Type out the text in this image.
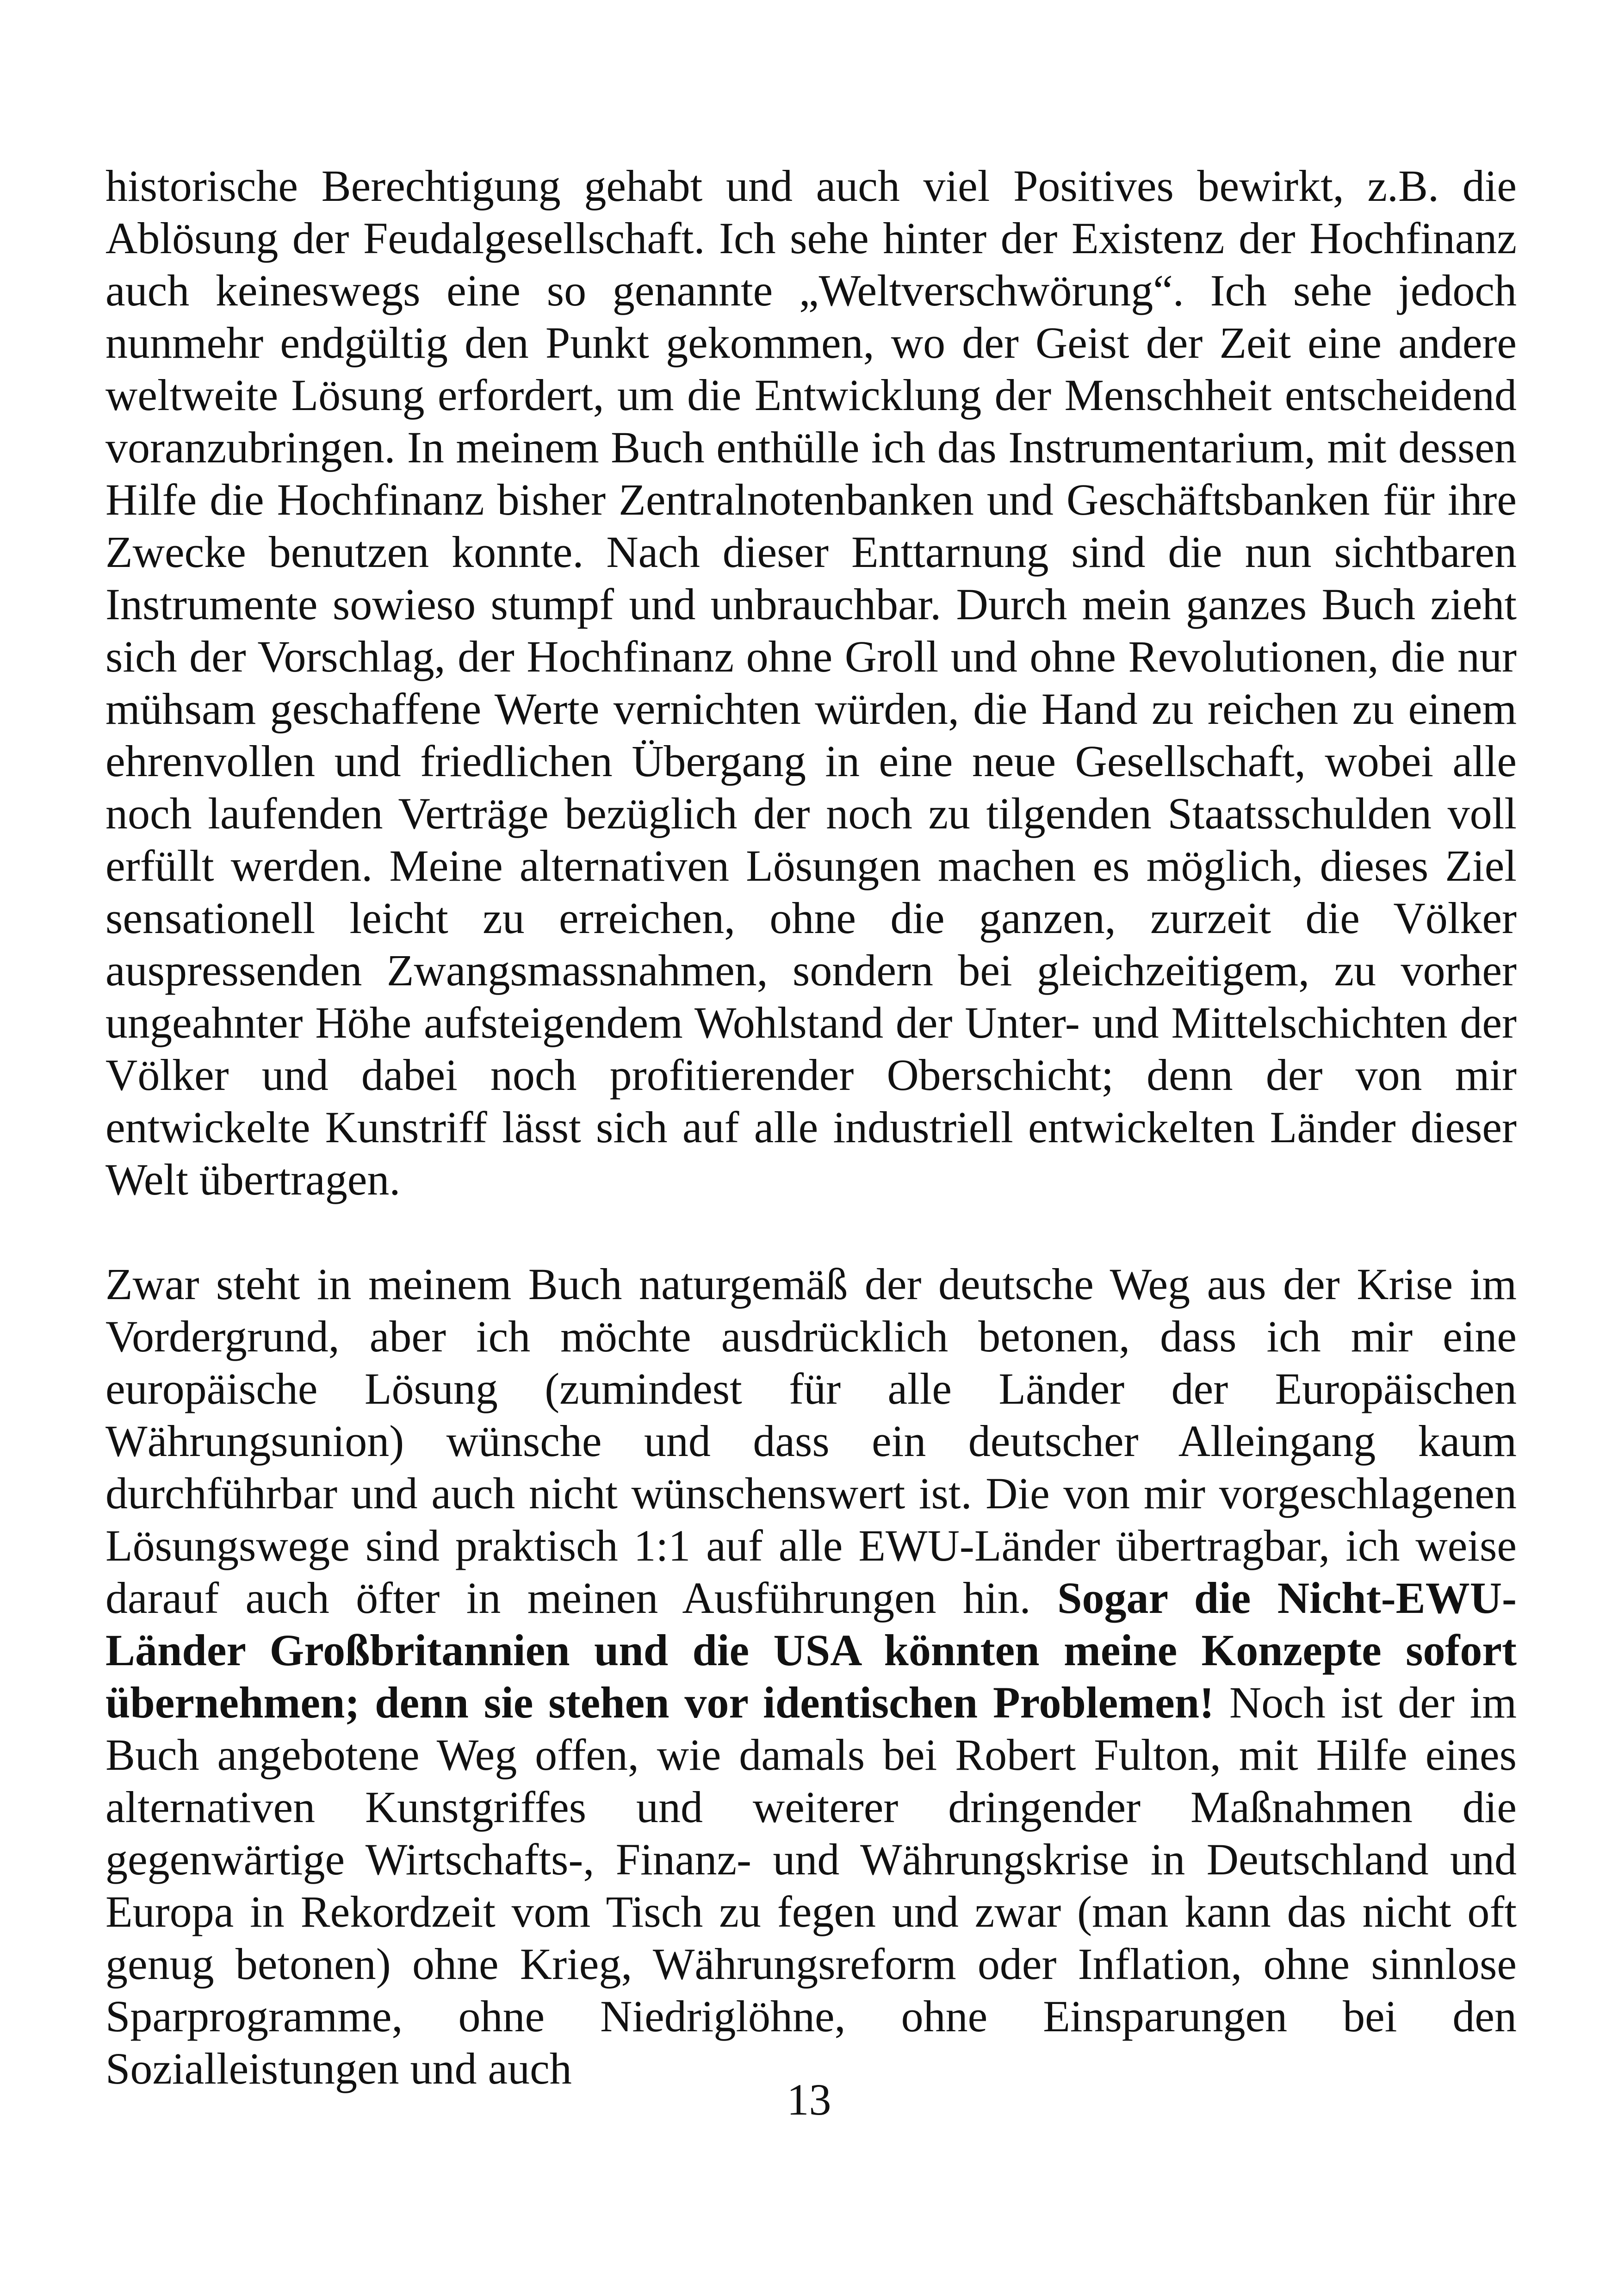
historische Berechtigung gehabt und auch viel Positives bewirkt, z.B. die Ablösung der Feudalgesellschaft. Ich sehe hinter der Existenz der Hochfinanz auch keineswegs eine so genannte „Weltverschwörung“. Ich sehe jedoch nunmehr endgültig den Punkt gekommen, wo der Geist der Zeit eine andere weltweite Lösung erfordert, um die Entwicklung der Menschheit entscheidend voranzubringen. In meinem Buch enthülle ich das Instrumentarium, mit dessen Hilfe die Hochfinanz bisher Zentralnotenbanken und Geschäftsbanken für ihre Zwecke benutzen konnte. Nach dieser Enttarnung sind die nun sichtbaren Instrumente sowieso stumpf und unbrauchbar. Durch mein ganzes Buch zieht sich der Vorschlag, der Hochfinanz ohne Groll und ohne Revolutionen, die nur mühsam geschaffene Werte vernichten würden, die Hand zu reichen zu einem ehrenvollen und friedlichen Übergang in eine neue Gesellschaft, wobei alle noch laufenden Verträge bezüglich der noch zu tilgenden Staatsschulden voll erfüllt werden. Meine alternativen Lösungen machen es möglich, dieses Ziel sensationell leicht zu erreichen, ohne die ganzen, zurzeit die Völker auspressenden Zwangsmassnahmen, sondern bei gleichzeitigem, zu vorher ungeahnter Höhe aufsteigendem Wohlstand der Unter- und Mittelschichten der Völker und dabei noch profitierender Oberschicht; denn der von mir entwickelte Kunstriff lässt sich auf alle industriell entwickelten Länder dieser Welt übertragen.

Zwar steht in meinem Buch naturgemäß der deutsche Weg aus der Krise im Vordergrund, aber ich möchte ausdrücklich betonen, dass ich mir eine europäische Lösung (zumindest für alle Länder der Europäischen Währungsunion) wünsche und dass ein deutscher Alleingang kaum durchführbar und auch nicht wünschenswert ist. Die von mir vorgeschlagenen Lösungswege sind praktisch 1:1 auf alle EWU-Länder übertragbar, ich weise darauf auch öfter in meinen Ausführungen hin. Sogar die Nicht-EWU-Länder Großbritannien und die USA könnten meine Konzepte sofort übernehmen; denn sie stehen vor identischen Problemen! Noch ist der im Buch angebotene Weg offen, wie damals bei Robert Fulton, mit Hilfe eines alternativen Kunstgriffes und weiterer dringender Maßnahmen die gegenwärtige Wirtschafts-, Finanz- und Währungskrise in Deutschland und Europa in Rekordzeit vom Tisch zu fegen und zwar (man kann das nicht oft genug betonen) ohne Krieg, Währungsreform oder Inflation, ohne sinnlose Sparprogramme, ohne Niedriglöhne, ohne Einsparungen bei den Sozialleistungen und auch

13
